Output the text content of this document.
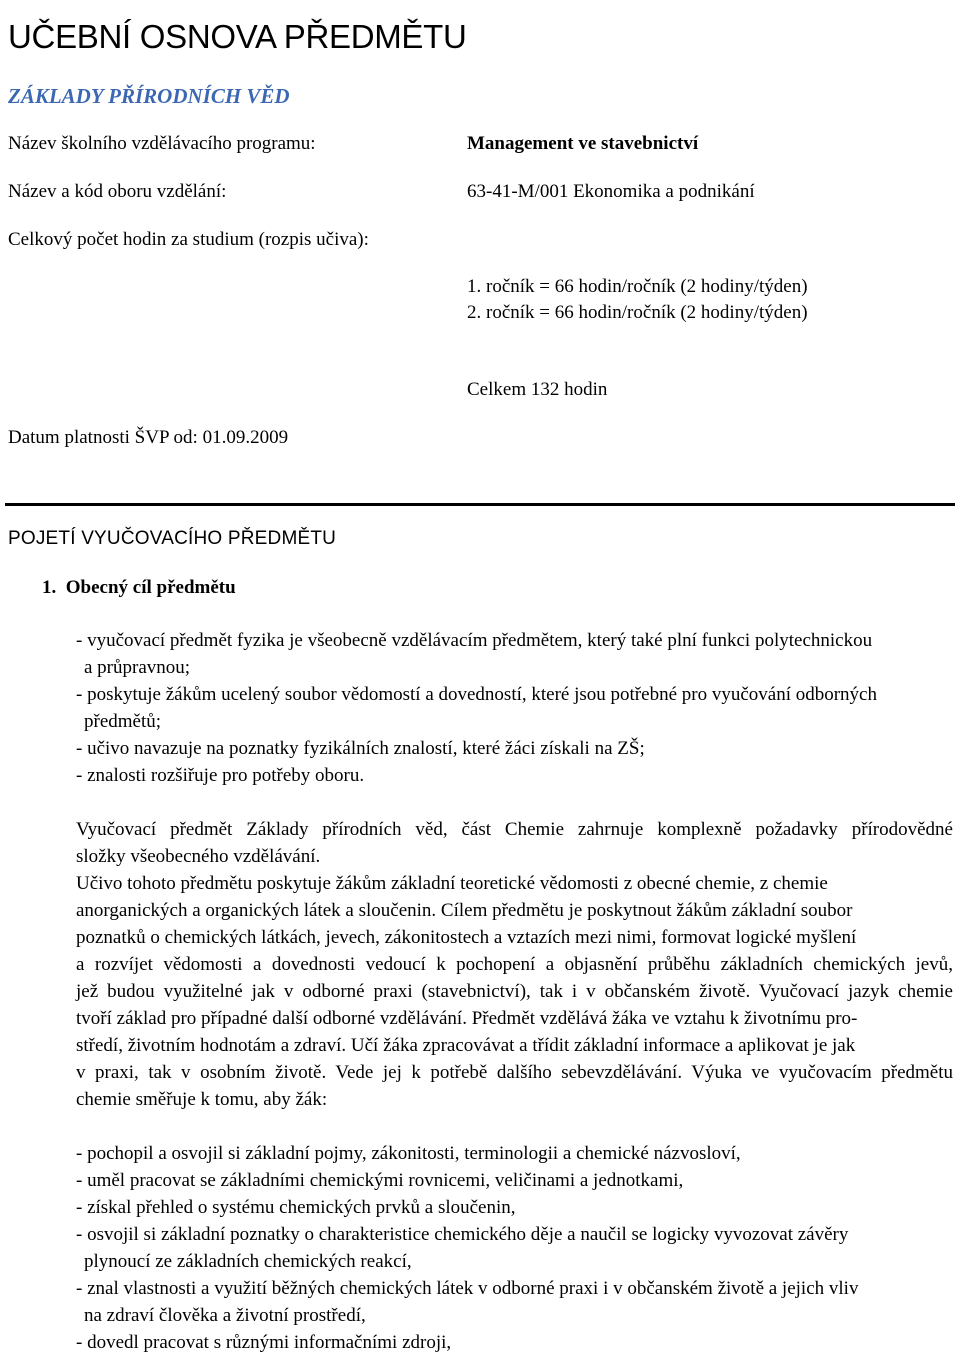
UČEBNÍ OSNOVA PŘEDMĚTU
ZÁKLADY PŘÍRODNÍCH VĚD
Název školního vzdělávacího programu:	Management ve stavebnictví
Název a kód oboru vzdělání:	63-41-M/001 Ekonomika a podnikání
Celkový počet hodin za studium (rozpis učiva):
1. ročník = 66 hodin/ročník (2 hodiny/týden)
2. ročník = 66 hodin/ročník (2 hodiny/týden)
Celkem 132 hodin
Datum platnosti ŠVP od: 01.09.2009
POJETÍ VYUČOVACÍHO PŘEDMĚTU
1.  Obecný cíl předmětu
- vyučovací předmět fyzika je všeobecně vzdělávacím předmětem, který také plní funkci polytechnickou
a průpravnou;
- poskytuje žákům ucelený soubor vědomostí a dovedností, které jsou potřebné pro vyučování odborných
předmětů;
- učivo navazuje na poznatky fyzikálních znalostí, které žáci získali na ZŠ;
- znalosti rozšiřuje pro potřeby oboru.
Vyučovací předmět Základy přírodních věd, část Chemie zahrnuje komplexně požadavky přírodovědné
složky všeobecného vzdělávání.
Učivo tohoto předmětu poskytuje žákům základní teoretické vědomosti z obecné chemie, z chemie
anorganických a organických látek a sloučenin. Cílem předmětu je poskytnout žákům základní soubor
poznatků o chemických látkách, jevech, zákonitostech a vztazích mezi nimi, formovat logické myšlení
a rozvíjet vědomosti a dovednosti vedoucí k pochopení a objasnění průběhu základních chemických jevů,
jež budou využitelné jak v odborné praxi (stavebnictví), tak i v občanském životě. Vyučovací jazyk chemie
tvoří základ pro případné další odborné vzdělávání. Předmět vzdělává žáka ve vztahu k životnímu pro-
středí, životním hodnotám a zdraví. Učí žáka zpracovávat a třídit základní informace a aplikovat je jak
v praxi, tak v osobním životě. Vede jej k potřebě dalšího sebevzdělávání. Výuka ve vyučovacím předmětu
chemie směřuje k tomu, aby žák:
- pochopil a osvojil si základní pojmy, zákonitosti, terminologii a chemické názvosloví,
- uměl pracovat se základními chemickými rovnicemi, veličinami a jednotkami,
- získal přehled o systému chemických prvků a sloučenin,
- osvojil si základní poznatky o charakteristice chemického děje a naučil se logicky vyvozovat závěry
plynoucí ze základních chemických reakcí,
- znal vlastnosti a využití běžných chemických látek v odborné praxi i v občanském životě a jejich vliv
na zdraví člověka a životní prostředí,
- dovedl pracovat s různými informačními zdroji,
